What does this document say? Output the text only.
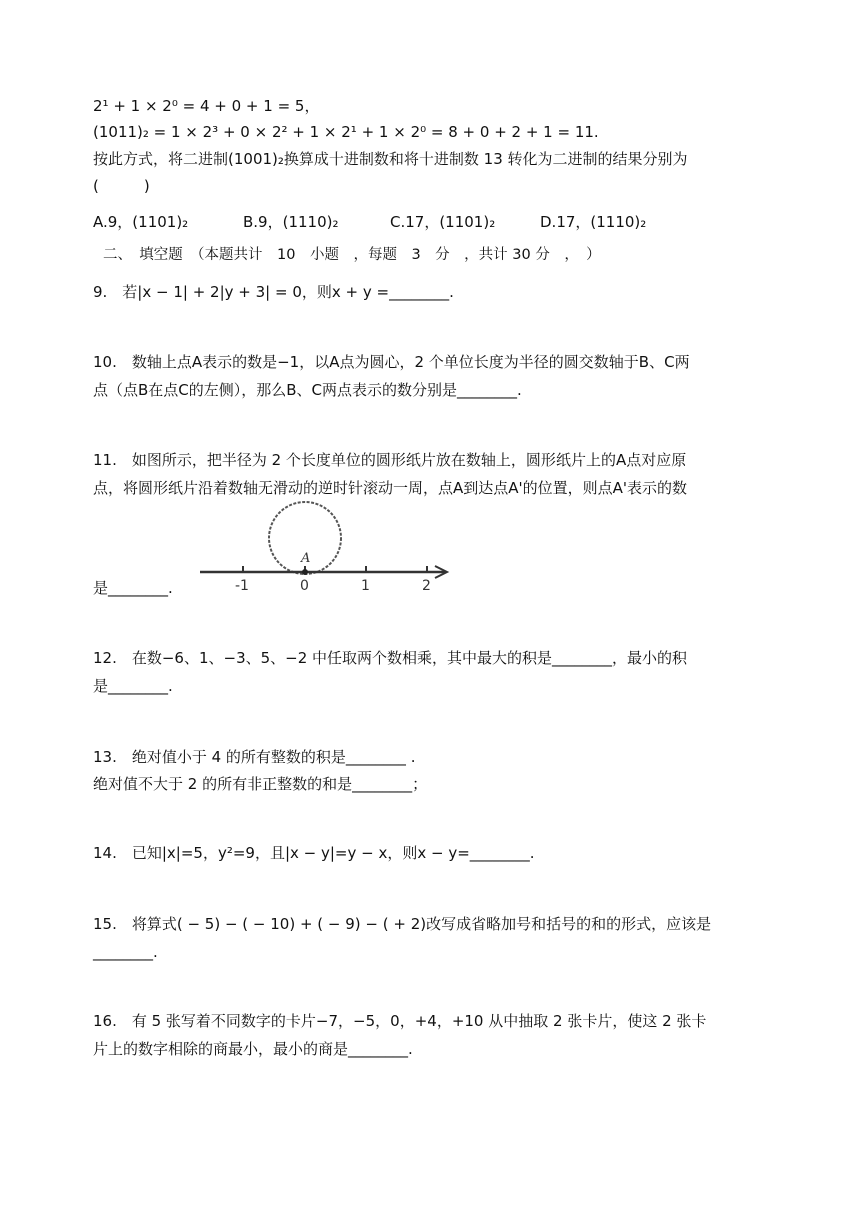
2¹ + 1 × 2⁰ = 4 + 0 + 1 = 5，
(1011)₂ = 1 × 2³ + 0 × 2² + 1 × 2¹ + 1 × 2⁰ = 8 + 0 + 2 + 1 = 11.
按此方式，将二进制(1001)₂换算成十进制数和将十进制数 13 转化为二进制的结果分别为
(　　　)
A.9，(1101)₂	B.9，(1110)₂	C.17，(1101)₂	D.17，(1110)₂
二、　填空题　（本题共计　10　小题　，每题　3　分　，共计 30 分　，　）
9.　若|x − 1| + 2|y + 3| = 0，则x + y =________.
10.　数轴上点A表示的数是−1，以A点为圆心，2 个单位长度为半径的圆交数轴于B、C两
点（点B在点C的左侧），那么B、C两点表示的数分别是________.
11.　如图所示，把半径为 2 个长度单位的圆形纸片放在数轴上，圆形纸片上的A点对应原
点，将圆形纸片沿着数轴无滑动的逆时针滚动一周，点A到达点A'的位置，则点A'表示的数
是________.
A
-1	0	1	2
12.　在数−6、1、−3、5、−2 中任取两个数相乘，其中最大的积是________，最小的积
是________.
13.　绝对值小于 4 的所有整数的积是________ .
绝对值不大于 2 的所有非正整数的和是________；
14.　已知|x|=5，y²=9，且|x − y|=y − x，则x − y=________.
15.　将算式( − 5) − ( − 10) + ( − 9) − ( + 2)改写成省略加号和括号的和的形式，应该是
________.
16.　有 5 张写着不同数字的卡片−7，−5，0，+4，+10 从中抽取 2 张卡片，使这 2 张卡
片上的数字相除的商最小，最小的商是________.
